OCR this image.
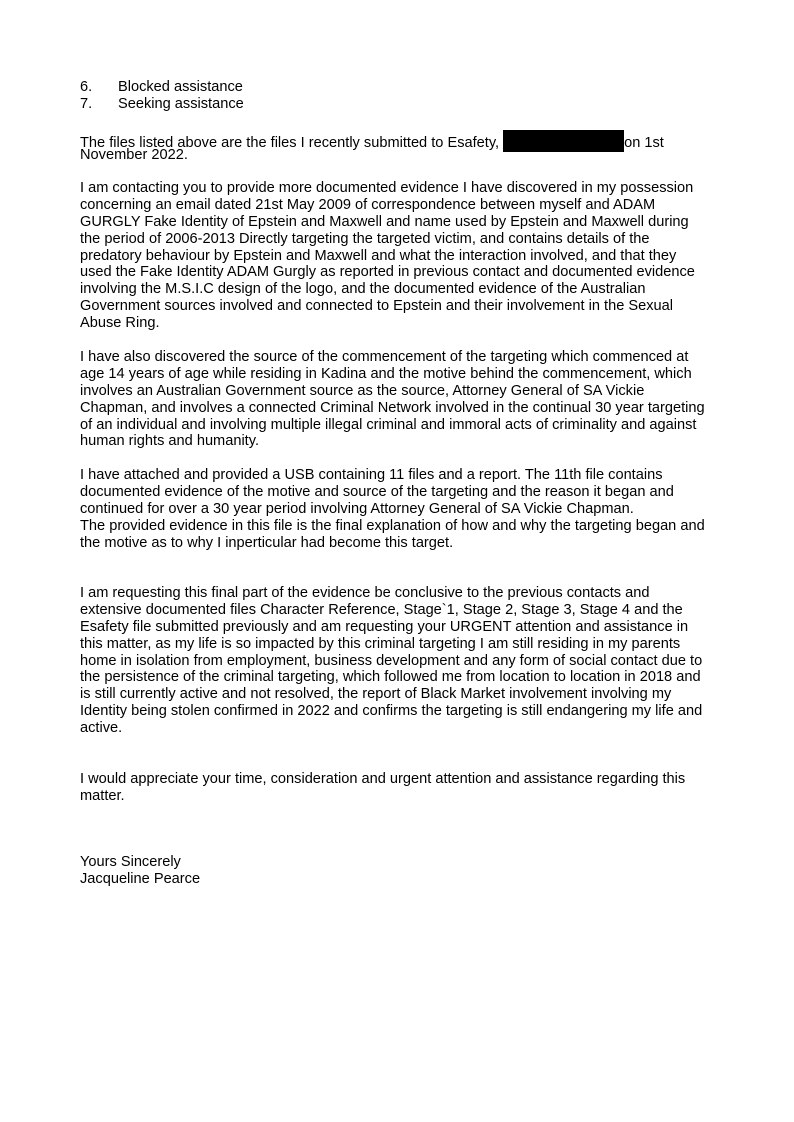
6. Blocked assistance
7. Seeking assistance
The files listed above are the files I recently submitted to Esafety,	on 1st
November 2022.
I am contacting you to provide more documented evidence I have discovered in my possession
concerning an email dated 21st May 2009 of correspondence between myself and ADAM
GURGLY Fake Identity of Epstein and Maxwell and name used by Epstein and Maxwell during
the period of 2006-2013 Directly targeting the targeted victim, and contains details of the
predatory behaviour by Epstein and Maxwell and what the interaction involved, and that they
used the Fake Identity ADAM Gurgly as reported in previous contact and documented evidence
involving the M.S.I.C design of the logo, and the documented evidence of the Australian
Government sources involved and connected to Epstein and their involvement in the Sexual
Abuse Ring.
I have also discovered the source of the commencement of the targeting which commenced at
age 14 years of age while residing in Kadina and the motive behind the commencement, which
involves an Australian Government source as the source, Attorney General of SA Vickie
Chapman, and involves a connected Criminal Network involved in the continual 30 year targeting
of an individual and involving multiple illegal criminal and immoral acts of criminality and against
human rights and humanity.
I have attached and provided a USB containing 11 files and a report. The 11th file contains
documented evidence of the motive and source of the targeting and the reason it began and
continued for over a 30 year period involving Attorney General of SA Vickie Chapman.
The provided evidence in this file is the final explanation of how and why the targeting began and
the motive as to why I inperticular had become this target.
I am requesting this final part of the evidence be conclusive to the previous contacts and
extensive documented files Character Reference, Stage`1, Stage 2, Stage 3, Stage 4 and the
Esafety file submitted previously and am requesting your URGENT attention and assistance in
this matter, as my life is so impacted by this criminal targeting I am still residing in my parents
home in isolation from employment, business development and any form of social contact due to
the persistence of the criminal targeting, which followed me from location to location in 2018 and
is still currently active and not resolved, the report of Black Market involvement involving my
Identity being stolen confirmed in 2022 and confirms the targeting is still endangering my life and
active.
I would appreciate your time, consideration and urgent attention and assistance regarding this
matter.
Yours Sincerely
Jacqueline Pearce
